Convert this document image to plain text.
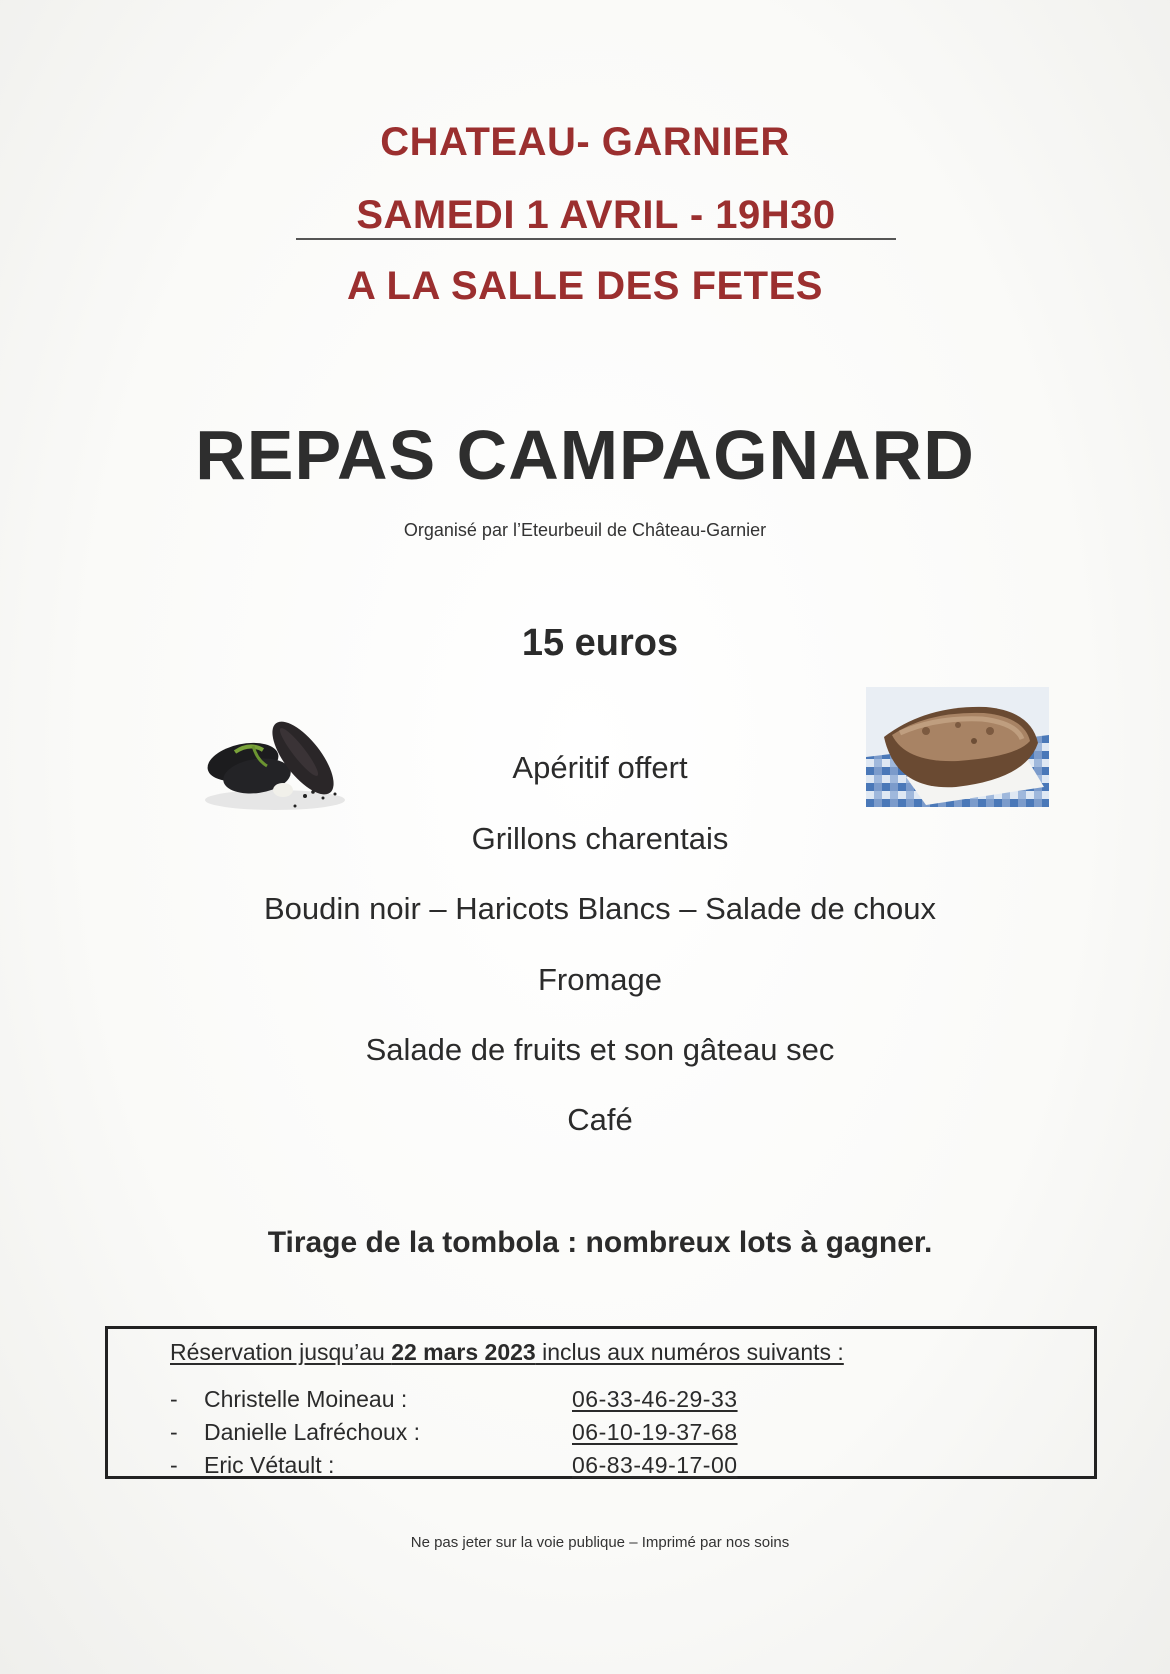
CHATEAU- GARNIER
SAMEDI 1 AVRIL - 19H30
A LA SALLE DES FETES
REPAS CAMPAGNARD
Organisé par l’Eteurbeuil de Château-Garnier
15 euros
Apéritif offert
Grillons charentais
Boudin noir – Haricots Blancs – Salade de choux
Fromage
Salade de fruits et son gâteau sec
Café
Tirage de la tombola : nombreux lots à gagner.
Réservation jusqu’au 22 mars 2023 inclus aux numéros suivants :
- Christelle Moineau :	06-33-46-29-33
- Danielle Lafréchoux :	06-10-19-37-68
- Eric Vétault :	06-83-49-17-00
Ne pas jeter sur la voie publique – Imprimé par nos soins
